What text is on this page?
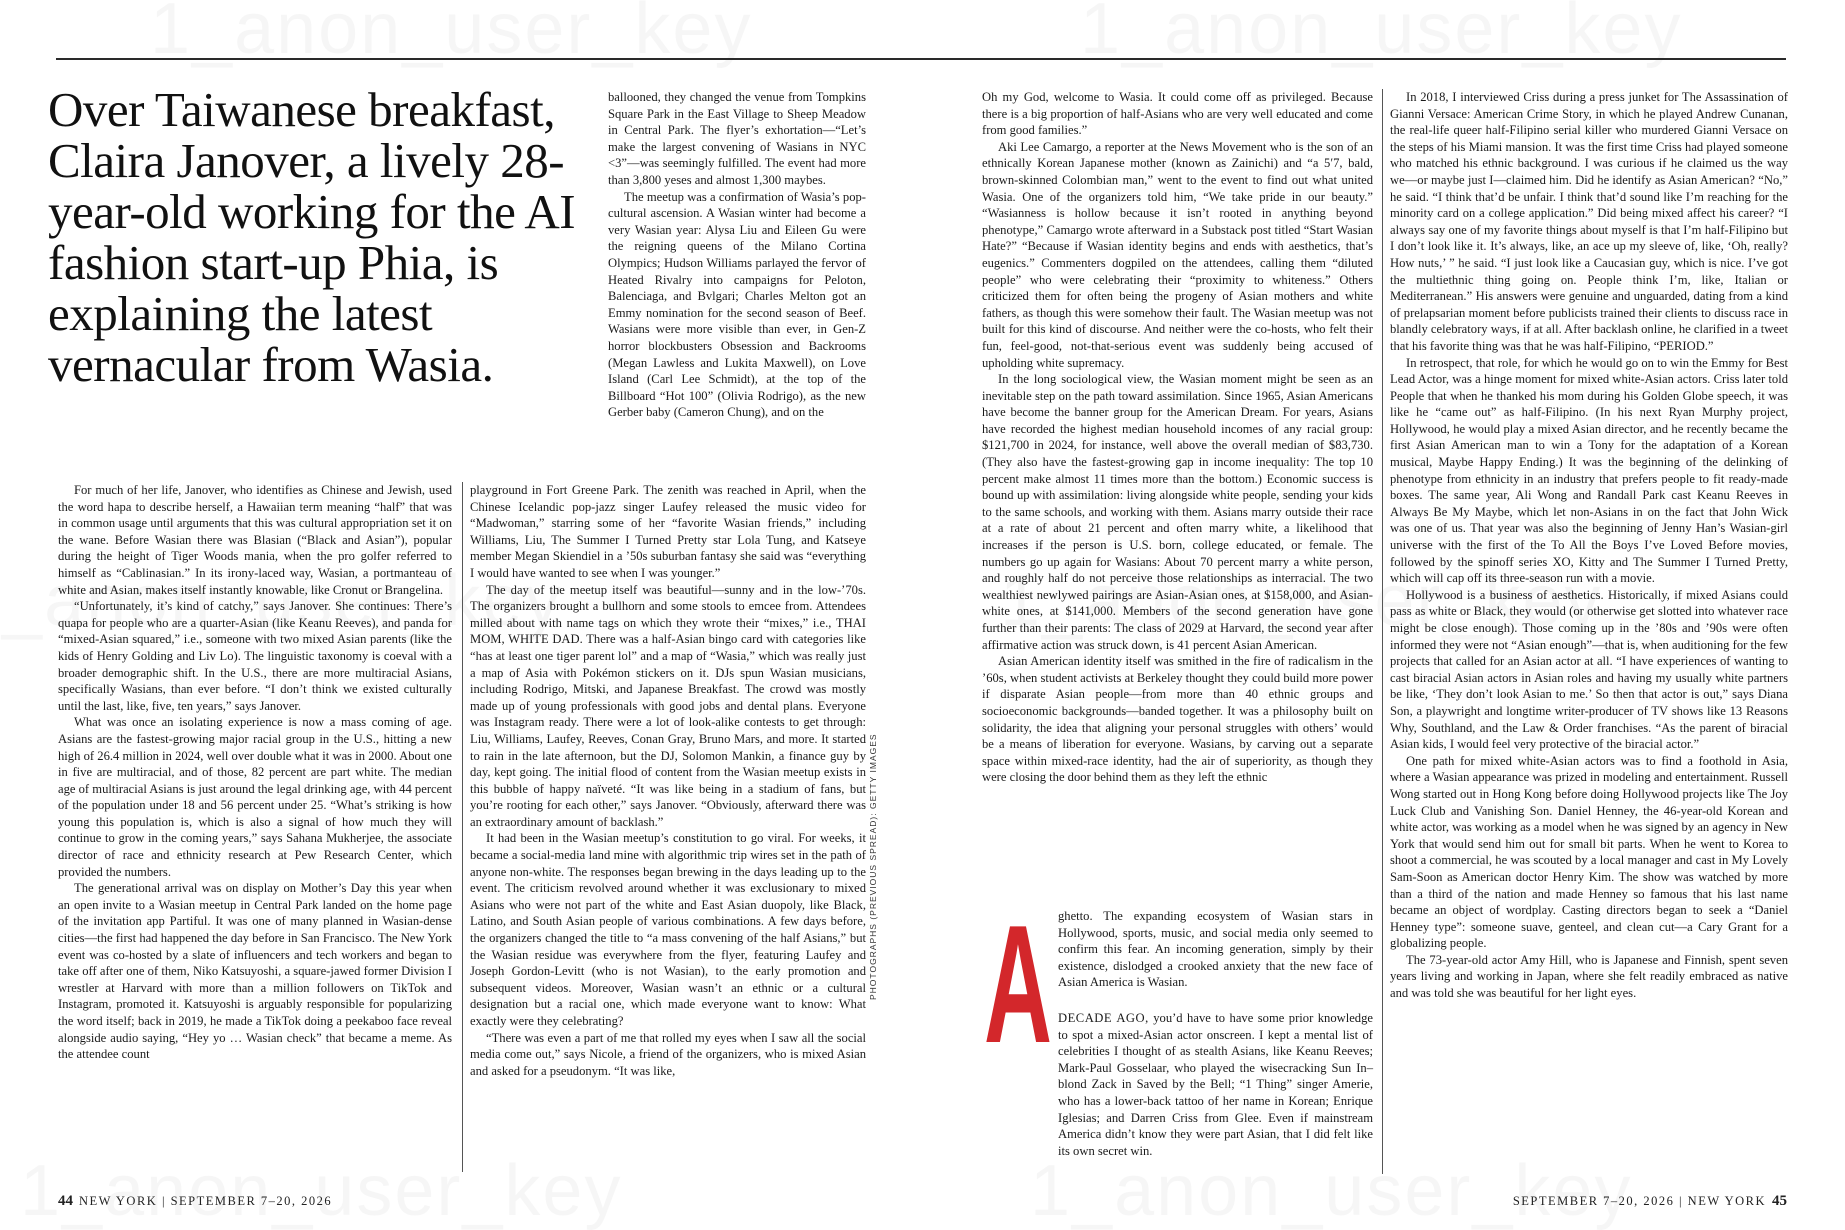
Over Taiwanese breakfast, Claira Janover, a lively 28-year-old working for the AI fashion start-up Phia, is explaining the latest vernacular from Wasia.

ballooned, they changed the venue from Tompkins Square Park in the East Village to Sheep Meadow in Central Park. The flyer’s exhortation—“Let’s make the largest convening of Wasians in NYC <3”—was seemingly fulfilled. The event had more than 3,800 yeses and almost 1,300 maybes.

The meetup was a confirmation of Wasia’s pop-cultural ascension. A Wasian winter had become a very Wasian year: Alysa Liu and Eileen Gu were the reigning queens of the Milano Cortina Olympics; Hudson Williams parlayed the fervor of Heated Rivalry into campaigns for Peloton, Balenciaga, and Bvlgari; Charles Melton got an Emmy nomination for the second season of Beef. Wasians were more visible than ever, in Gen-Z horror blockbusters Obsession and Backrooms (Megan Lawless and Lukita Maxwell), on Love Island (Carl Lee Schmidt), at the top of the Billboard “Hot 100” (Olivia Rodrigo), as the new Gerber baby (Cameron Chung), and on the

For much of her life, Janover, who identifies as Chinese and Jewish, used the word hapa to describe herself, a Hawaiian term meaning “half” that was in common usage until arguments that this was cultural appropriation set it on the wane. Before Wasian there was Blasian (“Black and Asian”), popular during the height of Tiger Woods mania, when the pro golfer referred to himself as “Cablinasian.” In its irony-laced way, Wasian, a portmanteau of white and Asian, makes itself instantly knowable, like Cronut or Brangelina.

“Unfortunately, it’s kind of catchy,” says Janover. She continues: There’s quapa for people who are a quarter-Asian (like Keanu Reeves), and panda for “mixed-Asian squared,” i.e., someone with two mixed Asian parents (like the kids of Henry Golding and Liv Lo). The linguistic taxonomy is coeval with a broader demographic shift. In the U.S., there are more multiracial Asians, specifically Wasians, than ever before. “I don’t think we existed culturally until the last, like, five, ten years,” says Janover.

What was once an isolating experience is now a mass coming of age. Asians are the fastest-growing major racial group in the U.S., hitting a new high of 26.4 million in 2024, well over double what it was in 2000. About one in five are multiracial, and of those, 82 percent are part white. The median age of multiracial Asians is just around the legal drinking age, with 44 percent of the population under 18 and 56 percent under 25. “What’s striking is how young this population is, which is also a signal of how much they will continue to grow in the coming years,” says Sahana Mukherjee, the associate director of race and ethnicity research at Pew Research Center, which provided the numbers.

The generational arrival was on display on Mother’s Day this year when an open invite to a Wasian meetup in Central Park landed on the home page of the invitation app Partiful. It was one of many planned in Wasian-dense cities—the first had happened the day before in San Francisco. The New York event was co-hosted by a slate of influencers and tech workers and began to take off after one of them, Niko Katsuyoshi, a square-jawed former Division I wrestler at Harvard with more than a million followers on TikTok and Instagram, promoted it. Katsuyoshi is arguably responsible for popularizing the word itself; back in 2019, he made a TikTok doing a peekaboo face reveal alongside audio saying, “Hey yo … Wasian check” that became a meme. As the attendee count

playground in Fort Greene Park. The zenith was reached in April, when the Chinese Icelandic pop-jazz singer Laufey released the music video for “Madwoman,” starring some of her “favorite Wasian friends,” including Williams, Liu, The Summer I Turned Pretty star Lola Tung, and Katseye member Megan Skiendiel in a ’50s suburban fantasy she said was “everything I would have wanted to see when I was younger.”

The day of the meetup itself was beautiful—sunny and in the low-’70s. The organizers brought a bullhorn and some stools to emcee from. Attendees milled about with name tags on which they wrote their “mixes,” i.e., THAI MOM, WHITE DAD. There was a half-Asian bingo card with categories like “has at least one tiger parent lol” and a map of “Wasia,” which was really just a map of Asia with Pokémon stickers on it. DJs spun Wasian musicians, including Rodrigo, Mitski, and Japanese Breakfast. The crowd was mostly made up of young professionals with good jobs and dental plans. Everyone was Instagram ready. There were a lot of look-alike contests to get through: Liu, Williams, Laufey, Reeves, Conan Gray, Bruno Mars, and more. It started to rain in the late afternoon, but the DJ, Solomon Mankin, a finance guy by day, kept going. The initial flood of content from the Wasian meetup exists in this bubble of happy naïveté. “It was like being in a stadium of fans, but you’re rooting for each other,” says Janover. “Obviously, afterward there was an extraordinary amount of backlash.”

It had been in the Wasian meetup’s constitution to go viral. For weeks, it became a social-media land mine with algorithmic trip wires set in the path of anyone non-white. The responses began brewing in the days leading up to the event. The criticism revolved around whether it was exclusionary to mixed Asians who were not part of the white and East Asian duopoly, like Black, Latino, and South Asian people of various combinations. A few days before, the organizers changed the title to “a mass convening of the half Asians,” but the Wasian residue was everywhere from the flyer, featuring Laufey and Joseph Gordon-Levitt (who is not Wasian), to the early promotion and subsequent videos. Moreover, Wasian wasn’t an ethnic or a cultural designation but a racial one, which made everyone want to know: What exactly were they celebrating?

“There was even a part of me that rolled my eyes when I saw all the social media come out,” says Nicole, a friend of the organizers, who is mixed Asian and asked for a pseudonym. “It was like,

PHOTOGRAPHS (PREVIOUS SPREAD): GETTY IMAGES

Oh my God, welcome to Wasia. It could come off as privileged. Because there is a big proportion of half-Asians who are very well educated and come from good families.”

Aki Lee Camargo, a reporter at the News Movement who is the son of an ethnically Korean Japanese mother (known as Zainichi) and “a 5′7, bald, brown-skinned Colombian man,” went to the event to find out what united Wasia. One of the organizers told him, “We take pride in our beauty.” “Wasianness is hollow because it isn’t rooted in anything beyond phenotype,” Camargo wrote afterward in a Substack post titled “Start Wasian Hate?” “Because if Wasian identity begins and ends with aesthetics, that’s eugenics.” Commenters dogpiled on the attendees, calling them “diluted people” who were celebrating their “proximity to whiteness.” Others criticized them for often being the progeny of Asian mothers and white fathers, as though this were somehow their fault. The Wasian meetup was not built for this kind of discourse. And neither were the co-hosts, who felt their fun, feel-good, not-that-serious event was suddenly being accused of upholding white supremacy.

In the long sociological view, the Wasian moment might be seen as an inevitable step on the path toward assimilation. Since 1965, Asian Americans have become the banner group for the American Dream. For years, Asians have recorded the highest median household incomes of any racial group: $121,700 in 2024, for instance, well above the overall median of $83,730. (They also have the fastest-growing gap in income inequality: The top 10 percent make almost 11 times more than the bottom.) Economic success is bound up with assimilation: living alongside white people, sending your kids to the same schools, and working with them. Asians marry outside their race at a rate of about 21 percent and often marry white, a likelihood that increases if the person is U.S. born, college educated, or female. The numbers go up again for Wasians: About 70 percent marry a white person, and roughly half do not perceive those relationships as interracial. The two wealthiest newlywed pairings are Asian-Asian ones, at $158,000, and Asian-white ones, at $141,000. Members of the second generation have gone further than their parents: The class of 2029 at Harvard, the second year after affirmative action was struck down, is 41 percent Asian American.

Asian American identity itself was smithed in the fire of radicalism in the ’60s, when student activists at Berkeley thought they could build more power if disparate Asian people—from more than 40 ethnic groups and socioeconomic backgrounds—banded together. It was a philosophy built on solidarity, the idea that aligning your personal struggles with others’ would be a means of liberation for everyone. Wasians, by carving out a separate space within mixed-race identity, had the air of superiority, as though they were closing the door behind them as they left the ethnic

ghetto. The expanding ecosystem of Wasian stars in Hollywood, sports, music, and social media only seemed to confirm this fear. An incoming generation, simply by their existence, dislodged a crooked anxiety that the new face of Asian America is Wasian.

A DECADE AGO, you’d have to have some prior knowledge to spot a mixed-Asian actor onscreen. I kept a mental list of celebrities I thought of as stealth Asians, like Keanu Reeves; Mark-Paul Gosselaar, who played the wisecracking Sun In–blond Zack in Saved by the Bell; “1 Thing” singer Amerie, who has a lower-back tattoo of her name in Korean; Enrique Iglesias; and Darren Criss from Glee. Even if mainstream America didn’t know they were part Asian, that I did felt like its own secret win.

In 2018, I interviewed Criss during a press junket for The Assassination of Gianni Versace: American Crime Story, in which he played Andrew Cunanan, the real-life queer half-Filipino serial killer who murdered Gianni Versace on the steps of his Miami mansion. It was the first time Criss had played someone who matched his ethnic background. I was curious if he claimed us the way we—or maybe just I—claimed him. Did he identify as Asian American? “No,” he said. “I think that’d be unfair. I think that’d sound like I’m reaching for the minority card on a college application.” Did being mixed affect his career? “I always say one of my favorite things about myself is that I’m half-Filipino but I don’t look like it. It’s always, like, an ace up my sleeve of, like, ‘Oh, really? How nuts,’ ” he said. “I just look like a Caucasian guy, which is nice. I’ve got the multiethnic thing going on. People think I’m, like, Italian or Mediterranean.” His answers were genuine and unguarded, dating from a kind of prelapsarian moment before publicists trained their clients to discuss race in blandly celebratory ways, if at all. After backlash online, he clarified in a tweet that his favorite thing was that he was half-Filipino, “PERIOD.”

In retrospect, that role, for which he would go on to win the Emmy for Best Lead Actor, was a hinge moment for mixed white-Asian actors. Criss later told People that when he thanked his mom during his Golden Globe speech, it was like he “came out” as half-Filipino. (In his next Ryan Murphy project, Hollywood, he would play a mixed Asian director, and he recently became the first Asian American man to win a Tony for the adaptation of a Korean musical, Maybe Happy Ending.) It was the beginning of the delinking of phenotype from ethnicity in an industry that prefers people to fit ready-made boxes. The same year, Ali Wong and Randall Park cast Keanu Reeves in Always Be My Maybe, which let non-Asians in on the fact that John Wick was one of us. That year was also the beginning of Jenny Han’s Wasian-girl universe with the first of the To All the Boys I’ve Loved Before movies, followed by the spinoff series XO, Kitty and The Summer I Turned Pretty, which will cap off its three-season run with a movie.

Hollywood is a business of aesthetics. Historically, if mixed Asians could pass as white or Black, they would (or otherwise get slotted into whatever race might be close enough). Those coming up in the ’80s and ’90s were often informed they were not “Asian enough”—that is, when auditioning for the few projects that called for an Asian actor at all. “I have experiences of wanting to cast biracial Asian actors in Asian roles and having my usually white partners be like, ‘They don’t look Asian to me.’ So then that actor is out,” says Diana Son, a playwright and longtime writer-producer of TV shows like 13 Reasons Why, Southland, and the Law & Order franchises. “As the parent of biracial Asian kids, I would feel very protective of the biracial actor.”

One path for mixed white-Asian actors was to find a foothold in Asia, where a Wasian appearance was prized in modeling and entertainment. Russell Wong started out in Hong Kong before doing Hollywood projects like The Joy Luck Club and Vanishing Son. Daniel Henney, the 46-year-old Korean and white actor, was working as a model when he was signed by an agency in New York that would send him out for small bit parts. When he went to Korea to shoot a commercial, he was scouted by a local manager and cast in My Lovely Sam-Soon as American doctor Henry Kim. The show was watched by more than a third of the nation and made Henney so famous that his last name became an object of wordplay. Casting directors began to seek a “Daniel Henney type”: someone suave, genteel, and clean cut—a Cary Grant for a globalizing people.

The 73-year-old actor Amy Hill, who is Japanese and Finnish, spent seven years living and working in Japan, where she felt readily embraced as native and was told she was beautiful for her light eyes.

44 NEW YORK | SEPTEMBER 7–20, 2026	SEPTEMBER 7–20, 2026 | NEW YORK 45
